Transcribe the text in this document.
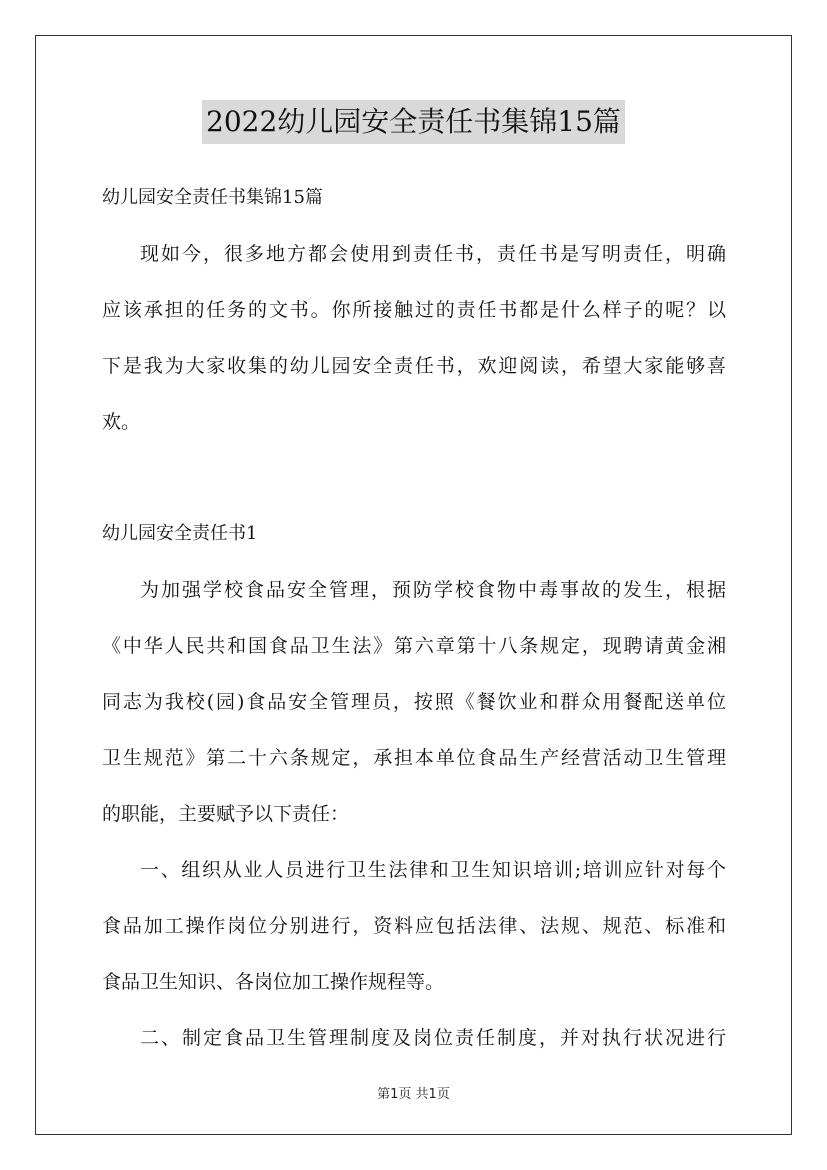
2022幼儿园安全责任书集锦15篇
幼儿园安全责任书集锦15篇
现如今，很多地方都会使用到责任书，责任书是写明责任，明确
应该承担的任务的文书。你所接触过的责任书都是什么样子的呢？以
下是我为大家收集的幼儿园安全责任书，欢迎阅读，希望大家能够喜
欢。
幼儿园安全责任书1
为加强学校食品安全管理，预防学校食物中毒事故的发生，根据
《中华人民共和国食品卫生法》第六章第十八条规定，现聘请黄金湘
同志为我校(园)食品安全管理员，按照《餐饮业和群众用餐配送单位
卫生规范》第二十六条规定，承担本单位食品生产经营活动卫生管理
的职能，主要赋予以下责任：
一、组织从业人员进行卫生法律和卫生知识培训;培训应针对每个
食品加工操作岗位分别进行，资料应包括法律、法规、规范、标准和
食品卫生知识、各岗位加工操作规程等。
二、制定食品卫生管理制度及岗位责任制度，并对执行状况进行
第1页 共1页
